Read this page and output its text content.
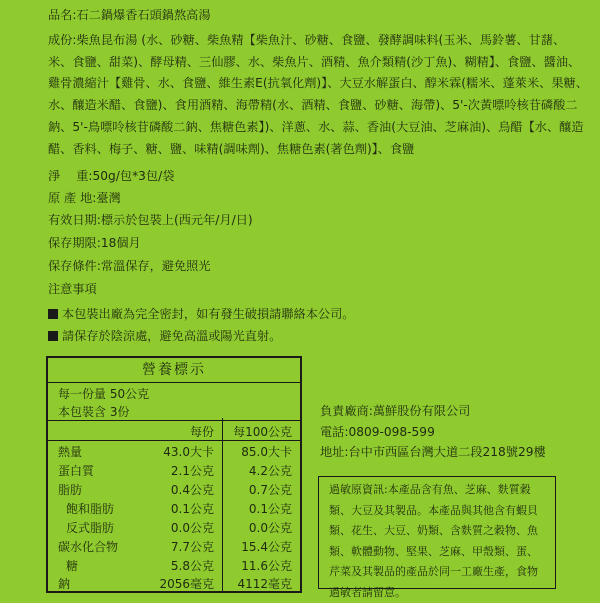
品名:石二鍋爆香石頭鍋熬高湯
成份:柴魚昆布湯 (水、砂糖、柴魚精【柴魚汁、砂糖、食鹽、發酵調味料(玉米、馬鈴薯、甘藷、米、食鹽、甜菜)、酵母精、三仙膠、水、柴魚片、酒精、魚介類精(沙丁魚)、糊精】、食鹽、醬油、雞骨濃縮汁【雞骨、水、食鹽、維生素E(抗氧化劑)】、大豆水解蛋白、醇米霖(糯米、蓬萊米、果糖、水、釀造米醋、食鹽)、食用酒精、海帶精(水、酒精、食鹽、砂糖、海帶)、5'-次黃嘌呤核苷磷酸二鈉、5'-鳥嘌呤核苷磷酸二鈉、焦糖色素】)、洋蔥、水、蒜、香油(大豆油、芝麻油)、烏醋【水、釀造醋、香料、梅子、糖、鹽、味精(調味劑)、焦糖色素(著色劑)】、食鹽
淨　 重:50g/包*3包/袋
原 產 地:臺灣
有效日期:標示於包裝上(西元年/月/日)
保存期限:18個月
保存條件:常溫保存，避免照光
注意事項
本包裝出廠為完全密封，如有發生破損請聯絡本公司。
請保存於陰涼處，避免高溫或陽光直射。
營養標示
每一份量 50公克
本包裝含 3份
每份 每100公克
熱量	43.0大卡 85.0大卡
蛋白質	2.1公克	4.2公克
脂肪	0.4公克	0.7公克
飽和脂肪	0.1公克	0.1公克
反式脂肪	0.0公克	0.0公克
碳水化合物	7.7公克 15.4公克
糖	5.8公克 11.6公克
鈉	2056毫克 4112毫克
負責廠商:萬鮮股份有限公司
電話:0809-098-599
地址:台中市西區台灣大道二段218號29樓
過敏原資訊:本產品含有魚、芝麻、麩質穀類、大豆及其製品。本產品與其他含有蝦貝類、花生、大豆、奶類、含麩質之穀物、魚類、軟體動物、堅果、芝麻、甲殼類、蛋、芹菜及其製品的產品於同一工廠生產，食物過敏者請留意。
